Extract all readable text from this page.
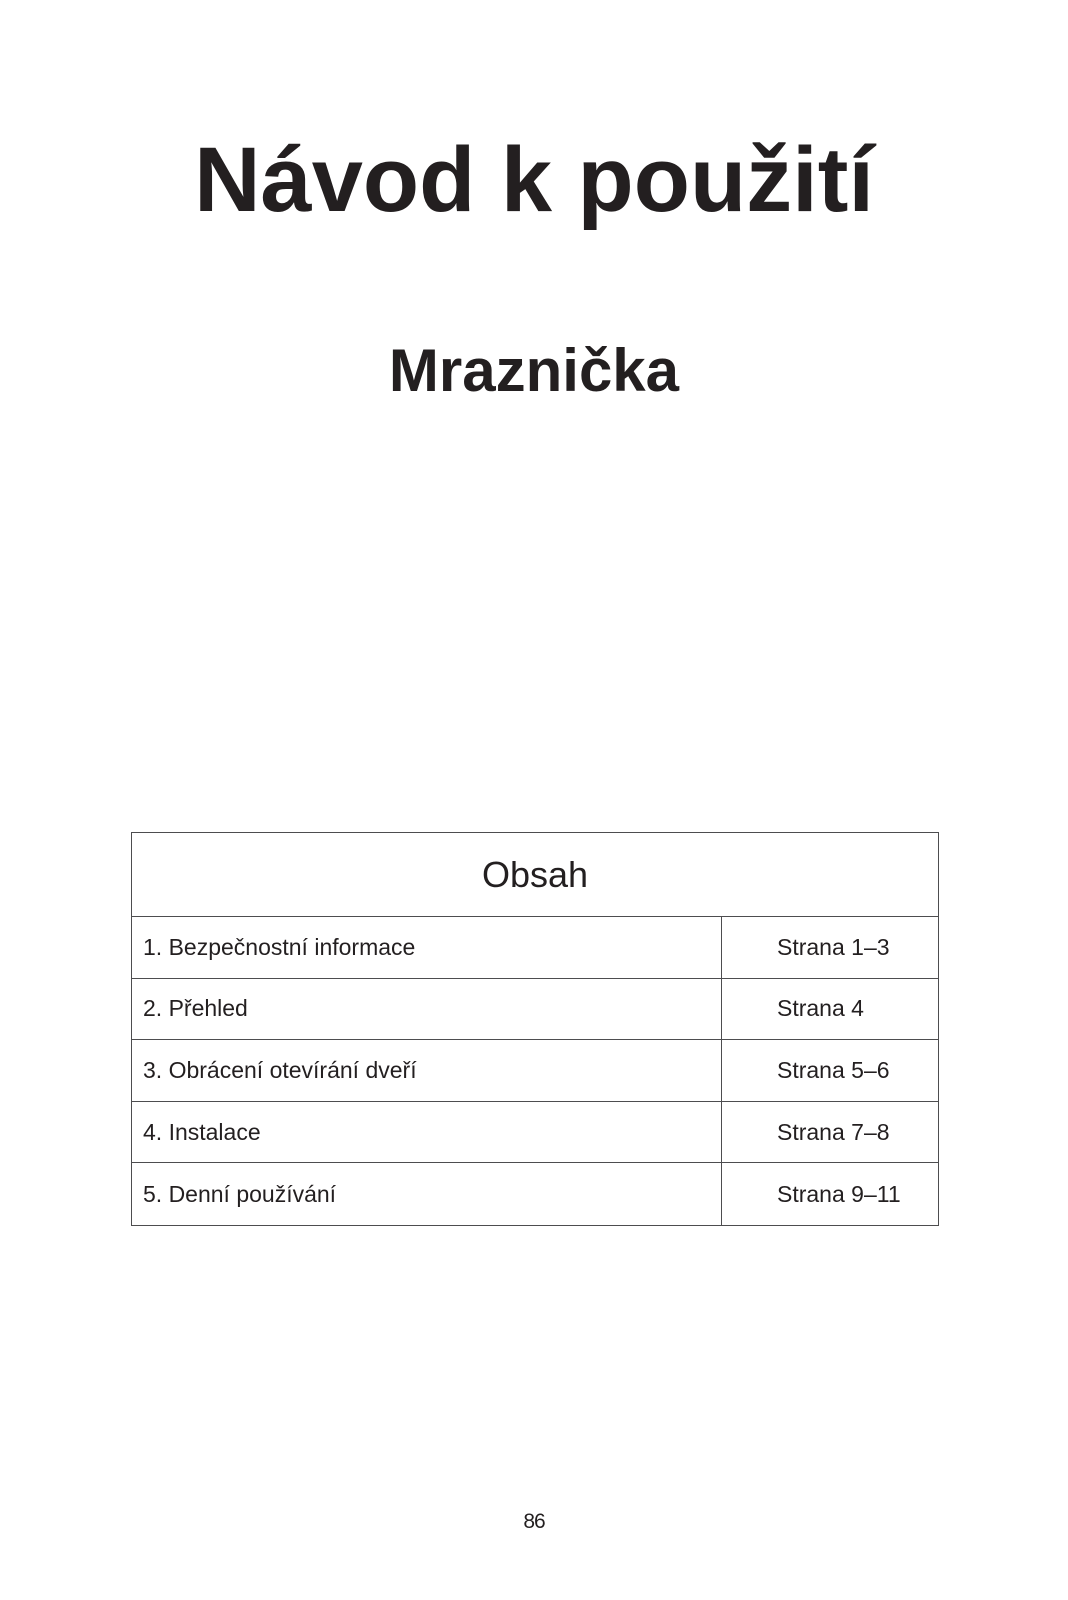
Návod k použití
Mraznička
Obsah
1. Bezpečnostní informace	Strana 1–3
2. Přehled	Strana 4
3. Obrácení otevírání dveří	Strana 5–6
4. Instalace	Strana 7–8
5. Denní používání	Strana 9–11
86
